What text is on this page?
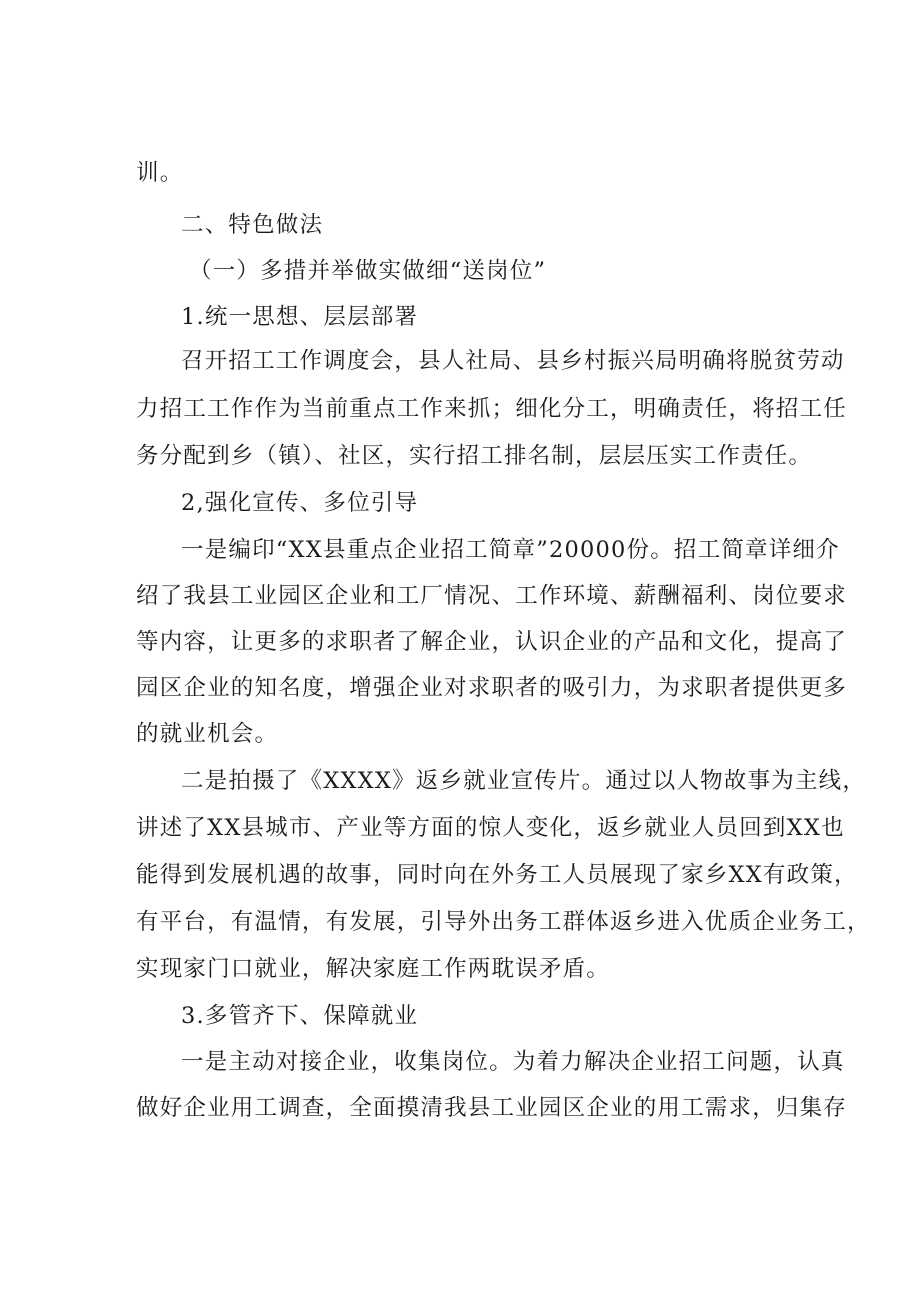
训。
二、特色做法
（一）多措并举做实做细“送岗位”
1.统一思想、层层部署
召开招工工作调度会，县人社局、县乡村振兴局明确将脱贫劳动
力招工工作作为当前重点工作来抓；细化分工，明确责任，将招工任
务分配到乡（镇）、社区，实行招工排名制，层层压实工作责任。
2,强化宣传、多位引导
一是编印“XX县重点企业招工简章”20000份。招工简章详细介
绍了我县工业园区企业和工厂情况、工作环境、薪酬福利、岗位要求
等内容，让更多的求职者了解企业，认识企业的产品和文化，提高了
园区企业的知名度，增强企业对求职者的吸引力，为求职者提供更多
的就业机会。
二是拍摄了《XXXX》返乡就业宣传片。通过以人物故事为主线，
讲述了XX县城市、产业等方面的惊人变化，返乡就业人员回到XX也
能得到发展机遇的故事，同时向在外务工人员展现了家乡XX有政策，
有平台，有温情，有发展，引导外出务工群体返乡进入优质企业务工，
实现家门口就业，解决家庭工作两耽误矛盾。
3.多管齐下、保障就业
一是主动对接企业，收集岗位。为着力解决企业招工问题，认真
做好企业用工调查，全面摸清我县工业园区企业的用工需求，归集存
